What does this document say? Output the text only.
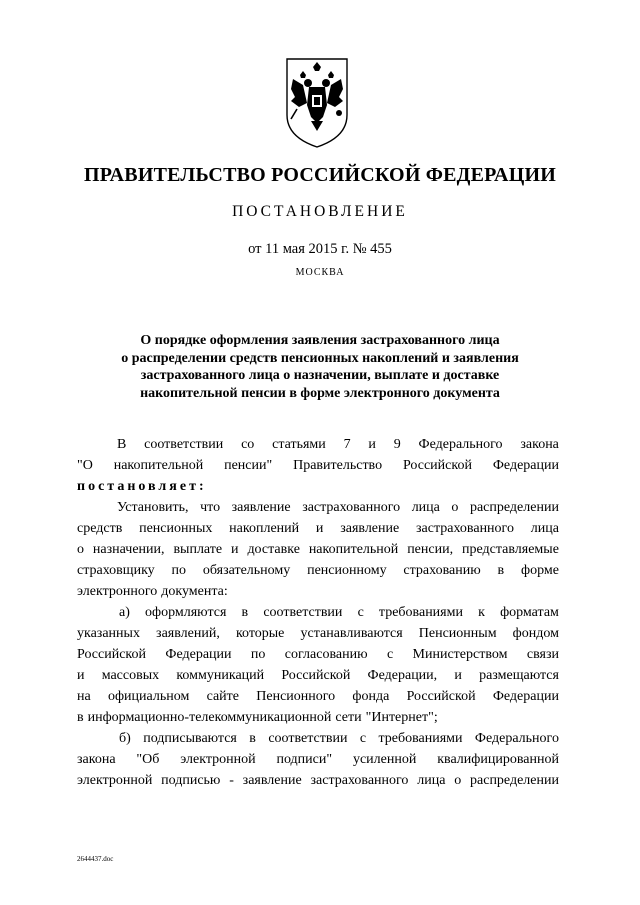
ПРАВИТЕЛЬСТВО РОССИЙСКОЙ ФЕДЕРАЦИИ
ПОСТАНОВЛЕНИЕ
от 11 мая 2015 г. № 455
МОСКВА
О порядке оформления заявления застрахованного лица
о распределении средств пенсионных накоплений и заявления
застрахованного лица о назначении, выплате и доставке
накопительной пенсии в форме электронного документа
В соответствии со статьями 7 и 9 Федерального закона
"О накопительной пенсии" Правительство Российской Федерации
постановляет:
Установить, что заявление застрахованного лица о распределении
средств пенсионных накоплений и заявление застрахованного лица
о назначении, выплате и доставке накопительной пенсии, представляемые
страховщику по обязательному пенсионному страхованию в форме
электронного документа:
а) оформляются в соответствии с требованиями к форматам
указанных заявлений, которые устанавливаются Пенсионным фондом
Российской Федерации по согласованию с Министерством связи
и массовых коммуникаций Российской Федерации, и размещаются
на официальном сайте Пенсионного фонда Российской Федерации
в информационно-телекоммуникационной сети "Интернет";
б) подписываются в соответствии с требованиями Федерального
закона "Об электронной подписи" усиленной квалифицированной
электронной подписью - заявление застрахованного лица о распределении
2644437.doc
